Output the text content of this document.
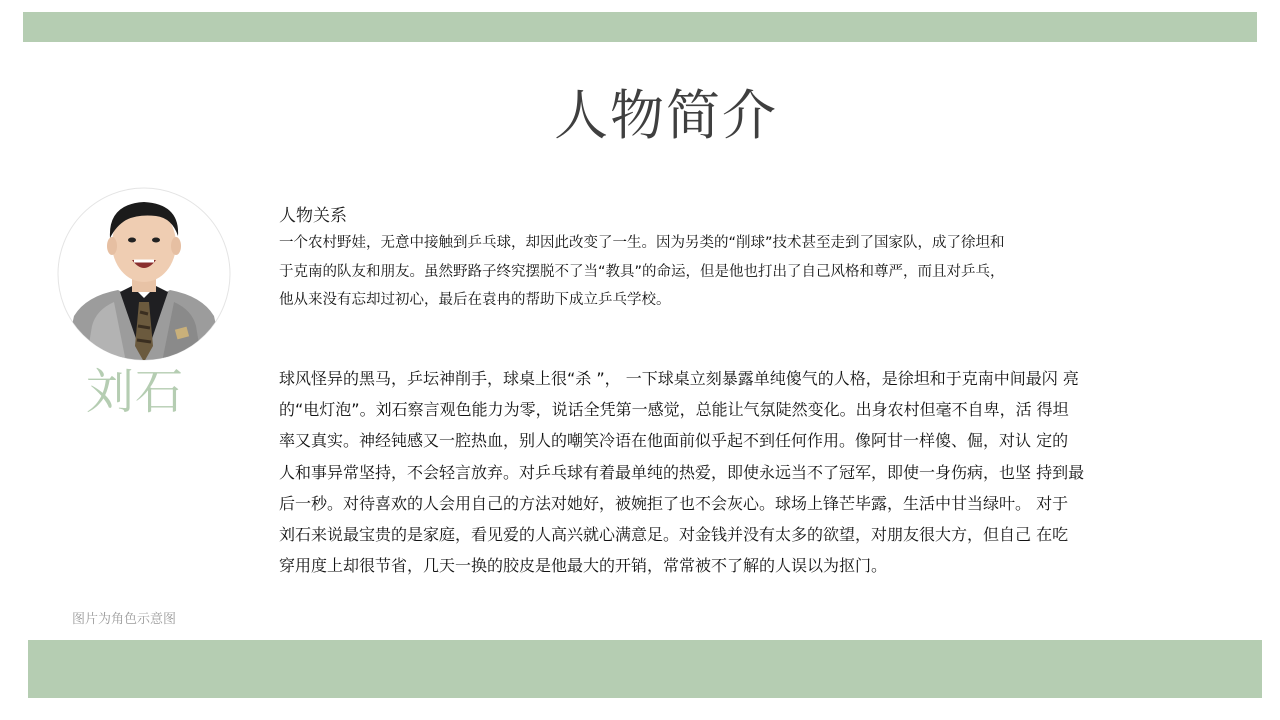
人物简介
刘石
图片为角色示意图
人物关系
一个农村野娃，无意中接触到乒乓球，却因此改变了一生。因为另类的“削球”技术甚至走到了国家队，成了徐坦和
于克南的队友和朋友。虽然野路子终究摆脱不了当“教具”的命运，但是他也打出了自己风格和尊严，而且对乒乓，
他从来没有忘却过初心，最后在袁冉的帮助下成立乒乓学校。
球风怪异的黑马，乒坛神削手，球桌上很“杀 ”， 一下球桌立刻暴露单纯傻气的人格，是徐坦和于克南中间最闪 亮
的“电灯泡”。刘石察言观色能力为零，说话全凭第一感觉，总能让气氛陡然变化。出身农村但毫不自卑，活 得坦
率又真实。神经钝感又一腔热血，别人的嘲笑冷语在他面前似乎起不到任何作用。像阿甘一样傻、倔，对认 定的
人和事异常坚持，不会轻言放弃。对乒乓球有着最单纯的热爱，即使永远当不了冠军，即使一身伤病，也坚 持到最
后一秒。对待喜欢的人会用自己的方法对她好，被婉拒了也不会灰心。球场上锋芒毕露，生活中甘当绿叶。 对于
刘石来说最宝贵的是家庭，看见爱的人高兴就心满意足。对金钱并没有太多的欲望，对朋友很大方，但自己 在吃
穿用度上却很节省，几天一换的胶皮是他最大的开销，常常被不了解的人误以为抠门。
